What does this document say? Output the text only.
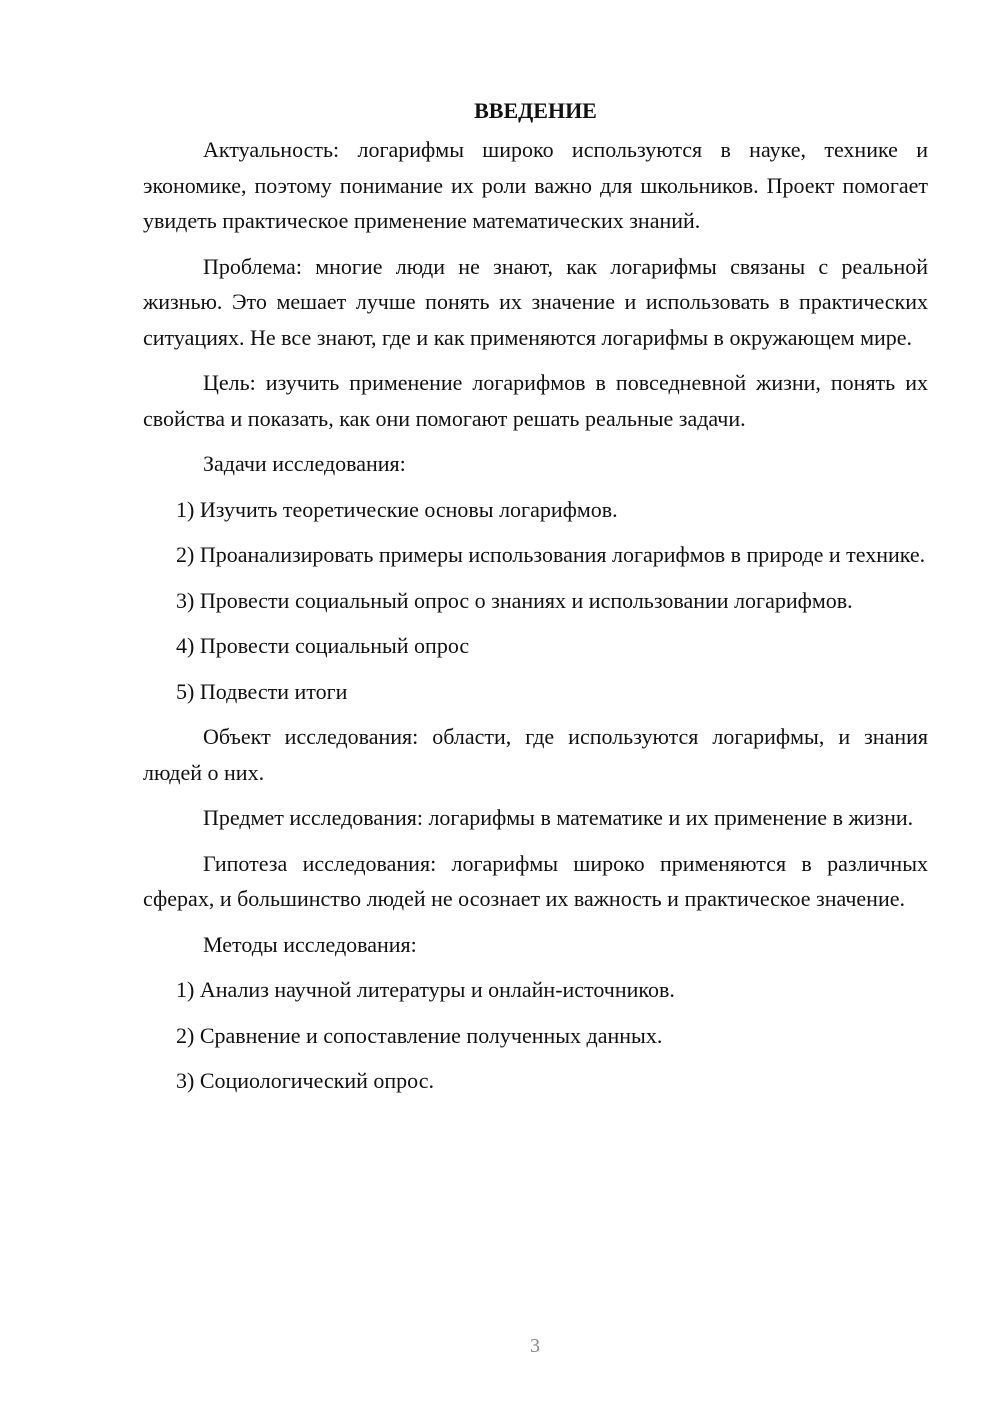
ВВЕДЕНИЕ

Актуальность: логарифмы широко используются в науке, технике и экономике, поэтому понимание их роли важно для школьников. Проект помогает увидеть практическое применение математических знаний.

Проблема: многие люди не знают, как логарифмы связаны с реальной жизнью. Это мешает лучше понять их значение и использовать в практических ситуациях. Не все знают, где и как применяются логарифмы в окружающем мире.

Цель: изучить применение логарифмов в повседневной жизни, понять их свойства и показать, как они помогают решать реальные задачи.

Задачи исследования:

1) Изучить теоретические основы логарифмов.

2) Проанализировать примеры использования логарифмов в природе и технике.

3) Провести социальный опрос о знаниях и использовании логарифмов.

4) Провести социальный опрос

5) Подвести итоги

Объект исследования: области, где используются логарифмы, и знания людей о них.

Предмет исследования: логарифмы в математике и их применение в жизни.

Гипотеза исследования: логарифмы широко применяются в различных сферах, и большинство людей не осознает их важность и практическое значение.

Методы исследования:

1) Анализ научной литературы и онлайн-источников.

2) Сравнение и сопоставление полученных данных.

3) Социологический опрос.

3
